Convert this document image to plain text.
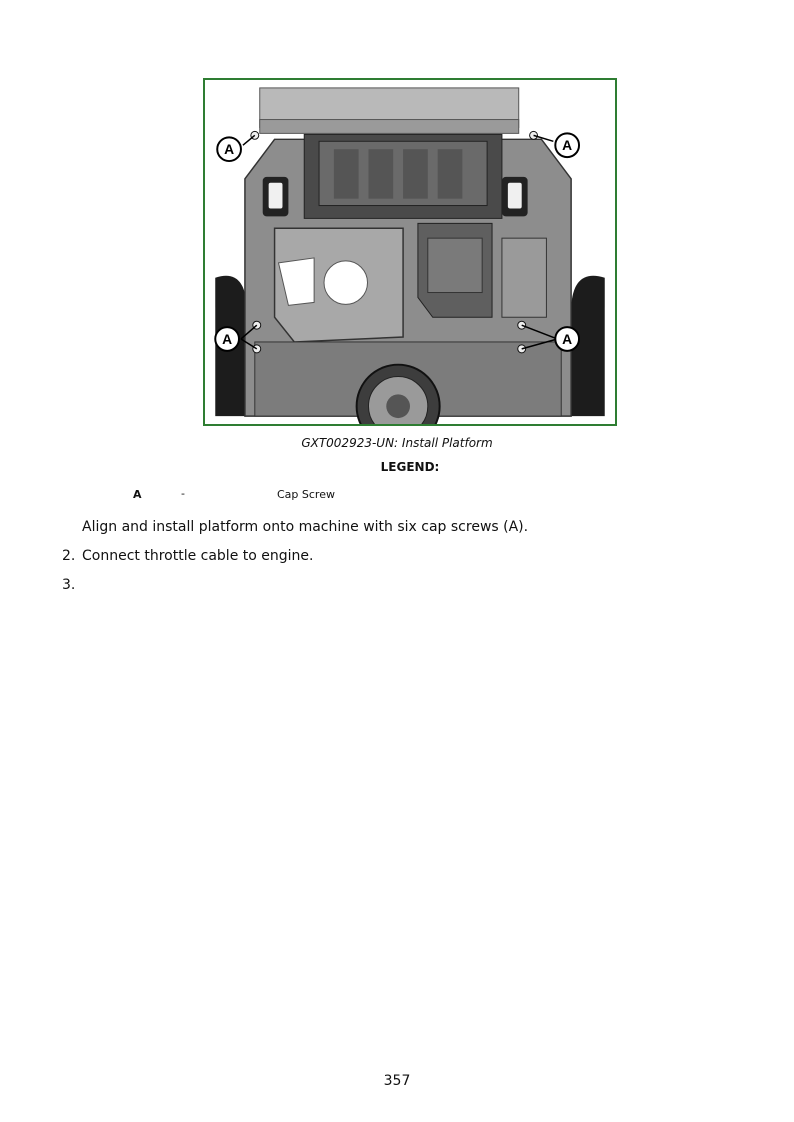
A	A
A	A
GXT002923-UN: Install Platform
LEGEND:
A	-	Cap Screw
Align and install platform onto machine with six cap screws (A).
2. Connect throttle cable to engine.
3.
357
